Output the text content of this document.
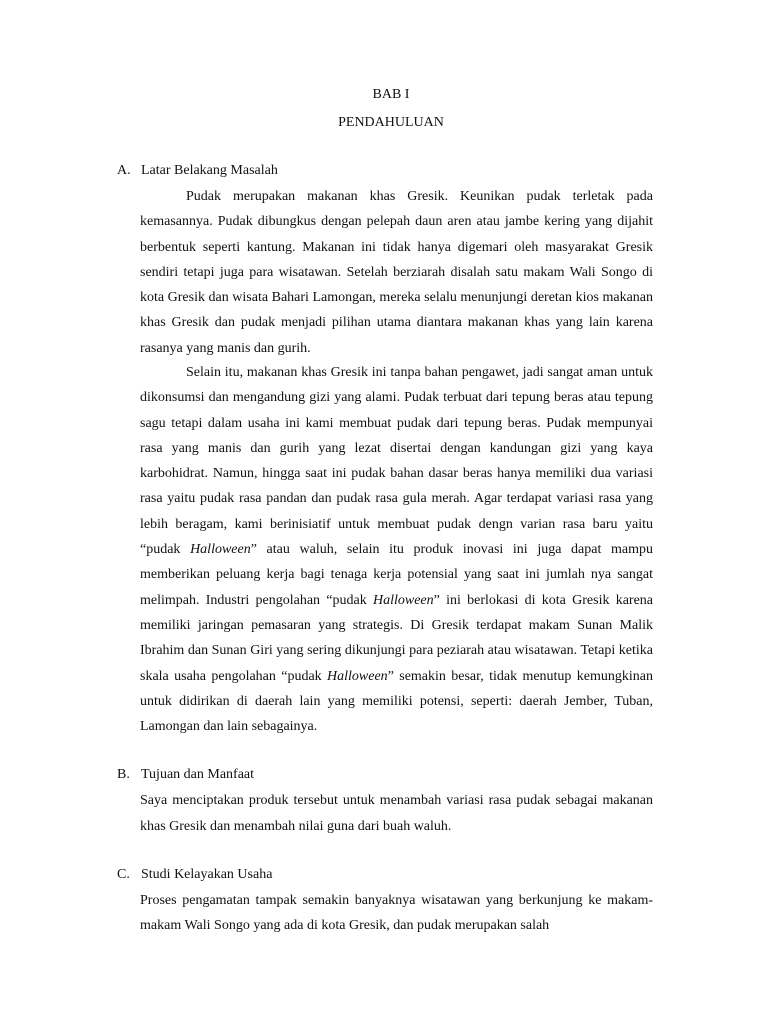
BAB I
PENDAHULUAN
A. Latar Belakang Masalah

Pudak merupakan makanan khas Gresik. Keunikan pudak terletak pada kemasannya. Pudak dibungkus dengan pelepah daun aren atau jambe kering yang dijahit berbentuk seperti kantung. Makanan ini tidak hanya digemari oleh masyarakat Gresik sendiri tetapi juga para wisatawan. Setelah berziarah disalah satu makam Wali Songo di kota Gresik dan wisata Bahari Lamongan, mereka selalu menunjungi deretan kios makanan khas Gresik dan pudak menjadi pilihan utama diantara makanan khas yang lain karena rasanya yang manis dan gurih.

Selain itu, makanan khas Gresik ini tanpa bahan pengawet, jadi sangat aman untuk dikonsumsi dan mengandung gizi yang alami. Pudak terbuat dari tepung beras atau tepung sagu tetapi dalam usaha ini kami membuat pudak dari tepung beras. Pudak mempunyai rasa yang manis dan gurih yang lezat disertai dengan kandungan gizi yang kaya karbohidrat. Namun, hingga saat ini pudak bahan dasar beras hanya memiliki dua variasi rasa yaitu pudak rasa pandan dan pudak rasa gula merah. Agar terdapat variasi rasa yang lebih beragam, kami berinisiatif untuk membuat pudak dengn varian rasa baru yaitu “pudak Halloween” atau waluh, selain itu produk inovasi ini juga dapat mampu memberikan peluang kerja bagi tenaga kerja potensial yang saat ini jumlah nya sangat melimpah. Industri pengolahan “pudak Halloween” ini berlokasi di kota Gresik karena memiliki jaringan pemasaran yang strategis. Di Gresik terdapat makam Sunan Malik Ibrahim dan Sunan Giri yang sering dikunjungi para peziarah atau wisatawan. Tetapi ketika skala usaha pengolahan “pudak Halloween” semakin besar, tidak menutup kemungkinan untuk didirikan di daerah lain yang memiliki potensi, seperti: daerah Jember, Tuban, Lamongan dan lain sebagainya.

B. Tujuan dan Manfaat

Saya menciptakan produk tersebut untuk menambah variasi rasa pudak sebagai makanan khas Gresik dan menambah nilai guna dari buah waluh.

C. Studi Kelayakan Usaha

Proses pengamatan tampak semakin banyaknya wisatawan yang berkunjung ke makam- makam Wali Songo yang ada di kota Gresik, dan pudak merupakan salah
